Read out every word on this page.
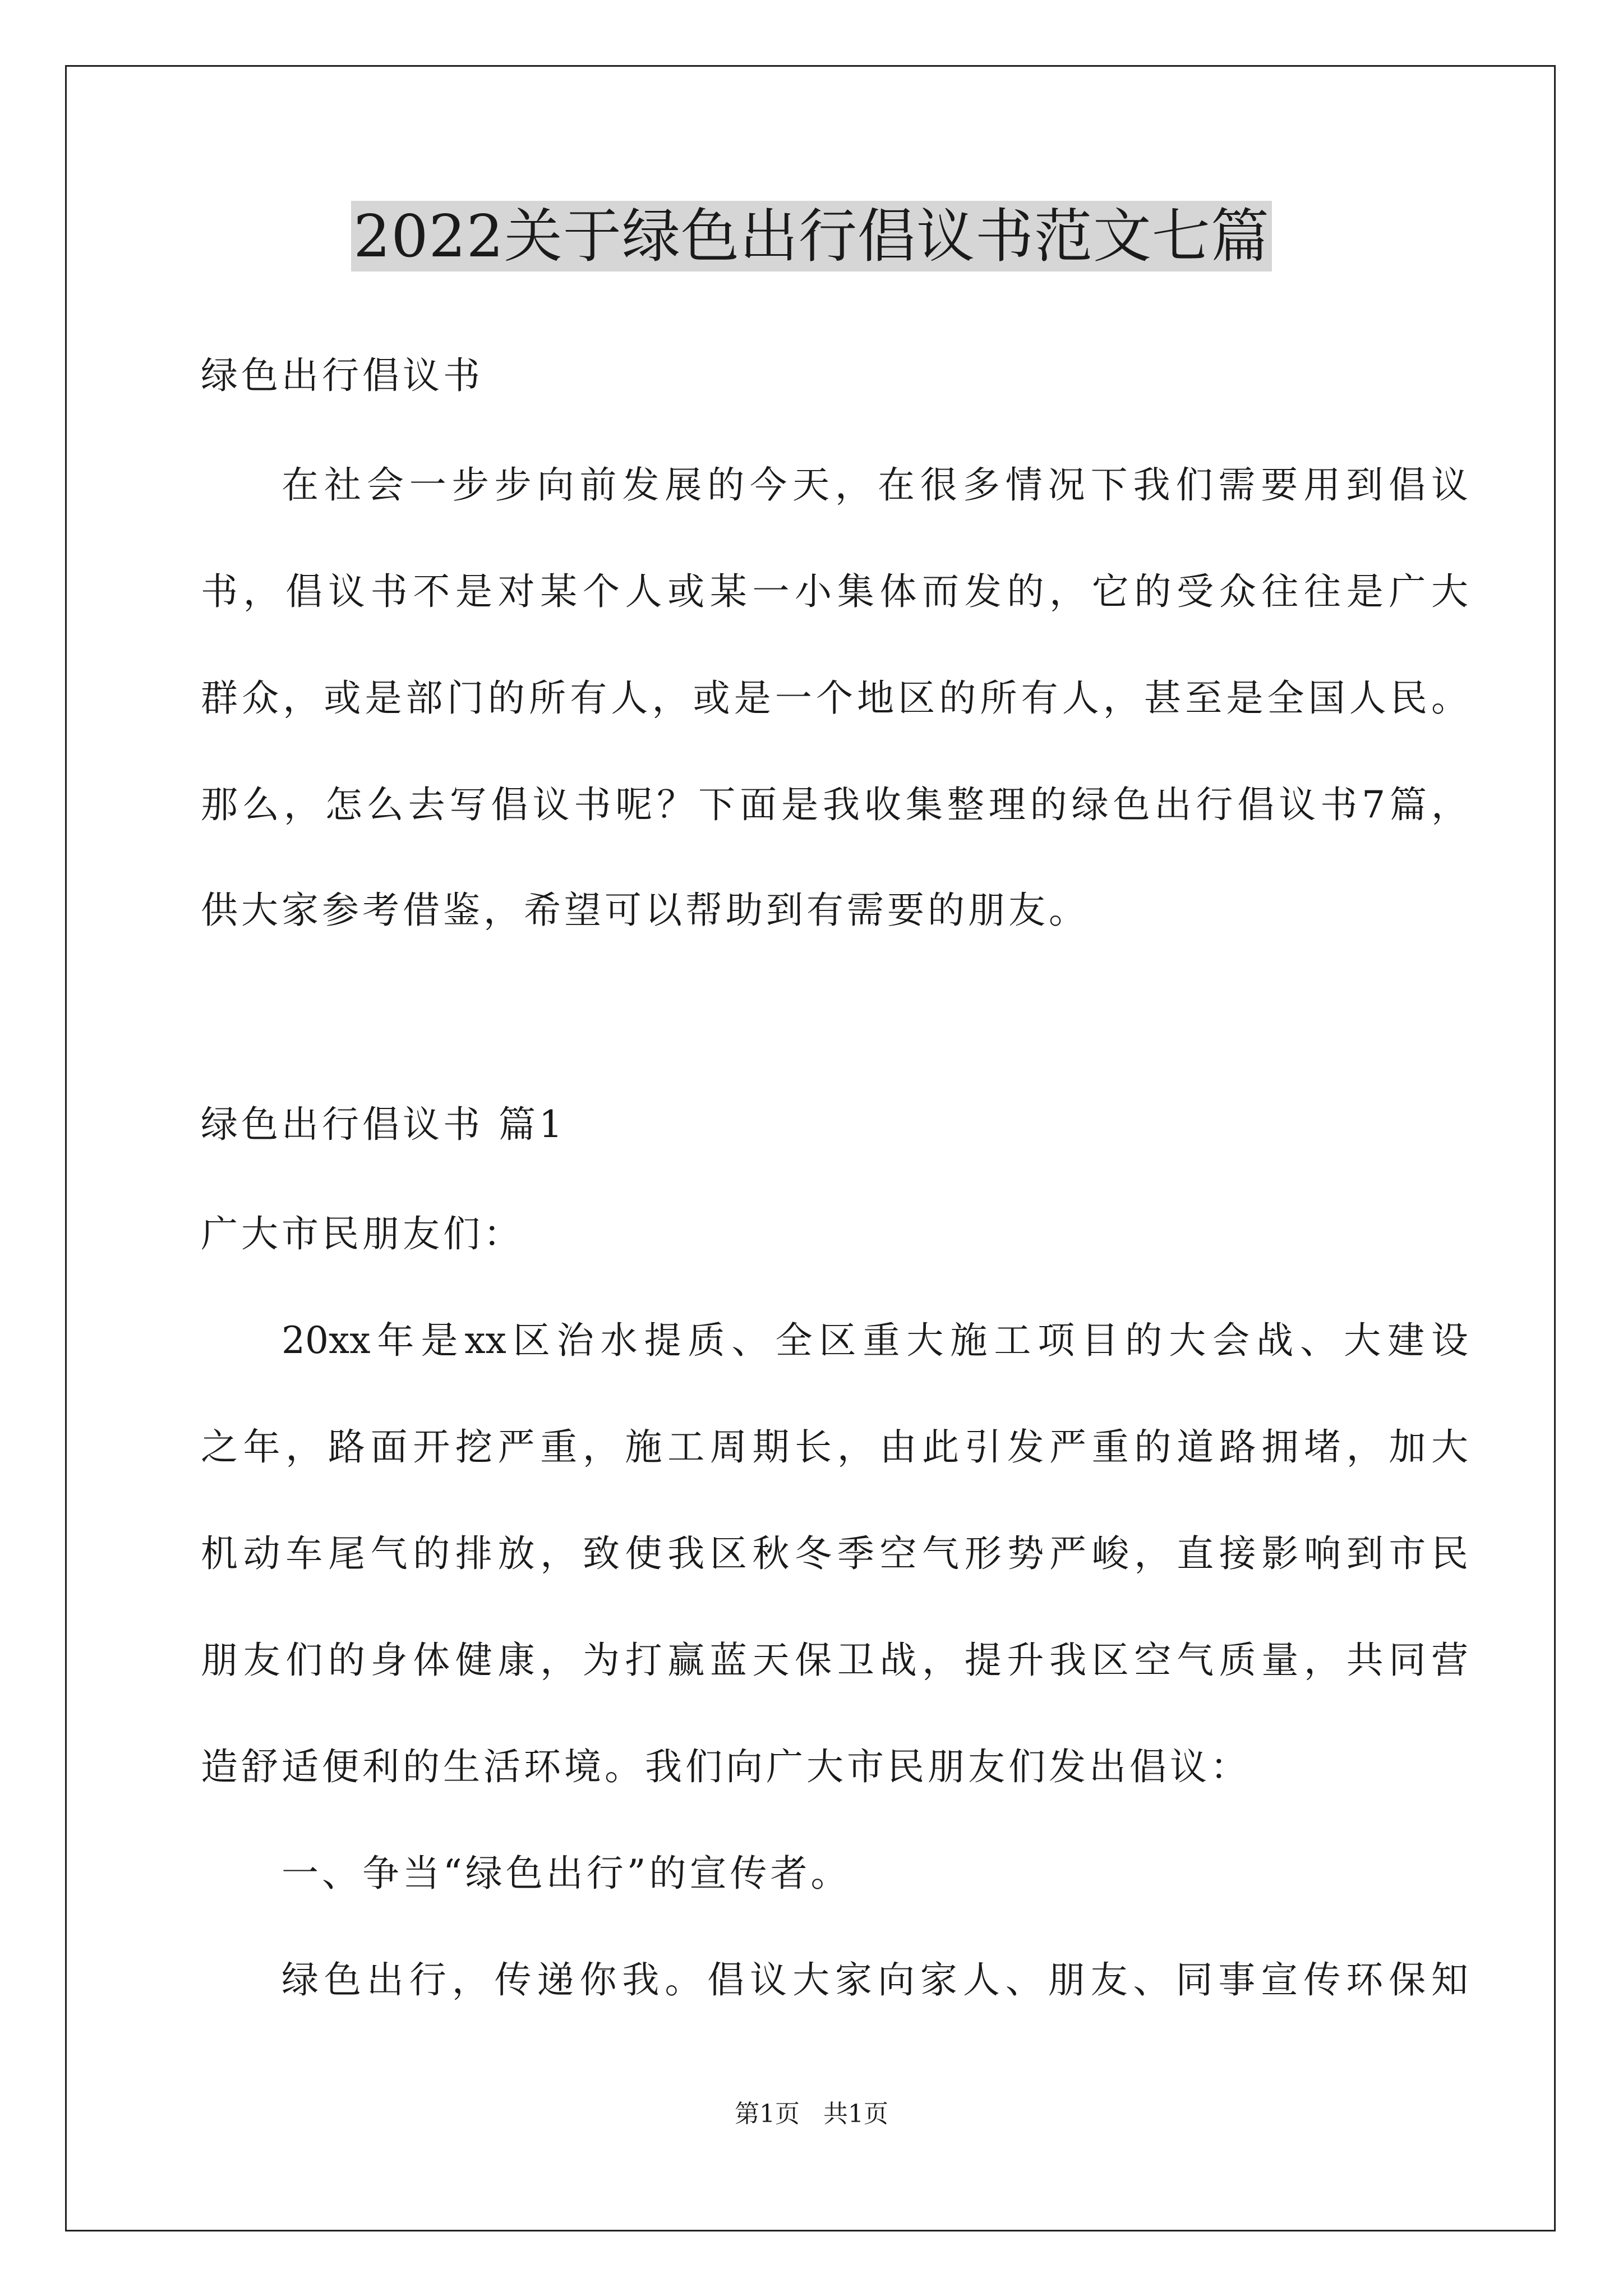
2022关于绿色出行倡议书范文七篇
绿色出行倡议书
在社会一步步向前发展的今天，在很多情况下我们需要用到倡议
书，倡议书不是对某个人或某一小集体而发的，它的受众往往是广大
群众，或是部门的所有人，或是一个地区的所有人，甚至是全国人民。
那么，怎么去写倡议书呢？下面是我收集整理的绿色出行倡议书7篇，
供大家参考借鉴，希望可以帮助到有需要的朋友。
绿色出行倡议书 篇1
广大市民朋友们：
20xx年是xx区治水提质、全区重大施工项目的大会战、大建设
之年，路面开挖严重，施工周期长，由此引发严重的道路拥堵，加大
机动车尾气的排放，致使我区秋冬季空气形势严峻，直接影响到市民
朋友们的身体健康，为打赢蓝天保卫战，提升我区空气质量，共同营
造舒适便利的生活环境。我们向广大市民朋友们发出倡议：
一、争当“绿色出行”的宣传者。
绿色出行，传递你我。倡议大家向家人、朋友、同事宣传环保知
第1页   共1页
